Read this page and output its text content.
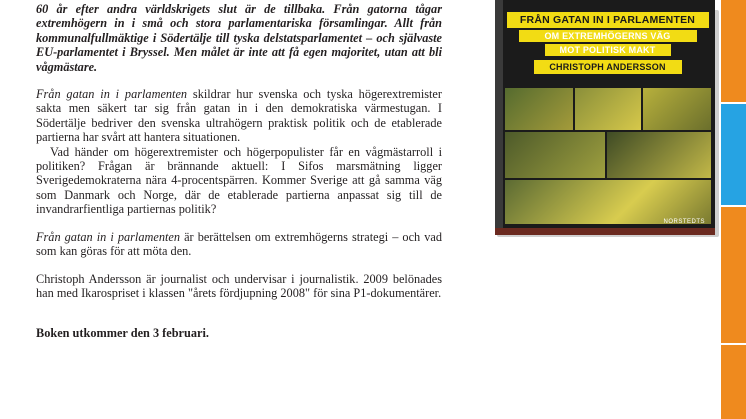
60 år efter andra världskrigets slut är de tillbaka. Från gatorna tågar extremhögern in i små och stora parlamentariska församlingar. Allt från kommunalfullmäktige i Södertälje till tyska delstatsparlamentet – och självaste EU-parlamentet i Bryssel. Men målet är inte att få egen majoritet, utan att bli vågmästare.

Från gatan in i parlamenten skildrar hur svenska och tyska högerextremister sakta men säkert tar sig från gatan in i den demokratiska värmestugan. I Södertälje bedriver den svenska ultrahögern praktisk politik och de etablerade partierna har svårt att hantera situationen.

Vad händer om högerextremister och högerpopulister får en vågmästarroll i politiken? Frågan är brännande aktuell: I Sifos marsmätning ligger Sverigedemokraterna nära 4-procentspärren. Kommer Sverige att gå samma väg som Danmark och Norge, där de etablerade partierna anpassat sig till de invandrarfientliga partiernas politik?

Från gatan in i parlamenten är berättelsen om extremhögerns strategi – och vad som kan göras för att möta den.

Christoph Andersson är journalist och undervisar i journalistik. 2009 belönades han med Ikarospriset i klassen "årets fördjupning 2008" för sina P1-dokumentärer.

Boken utkommer den 3 februari.

FRÅN GATAN IN I PARLAMENTEN
OM EXTREMHÖGERNS VÄG
MOT POLITISK MAKT
CHRISTOPH ANDERSSON
NORSTEDTS
